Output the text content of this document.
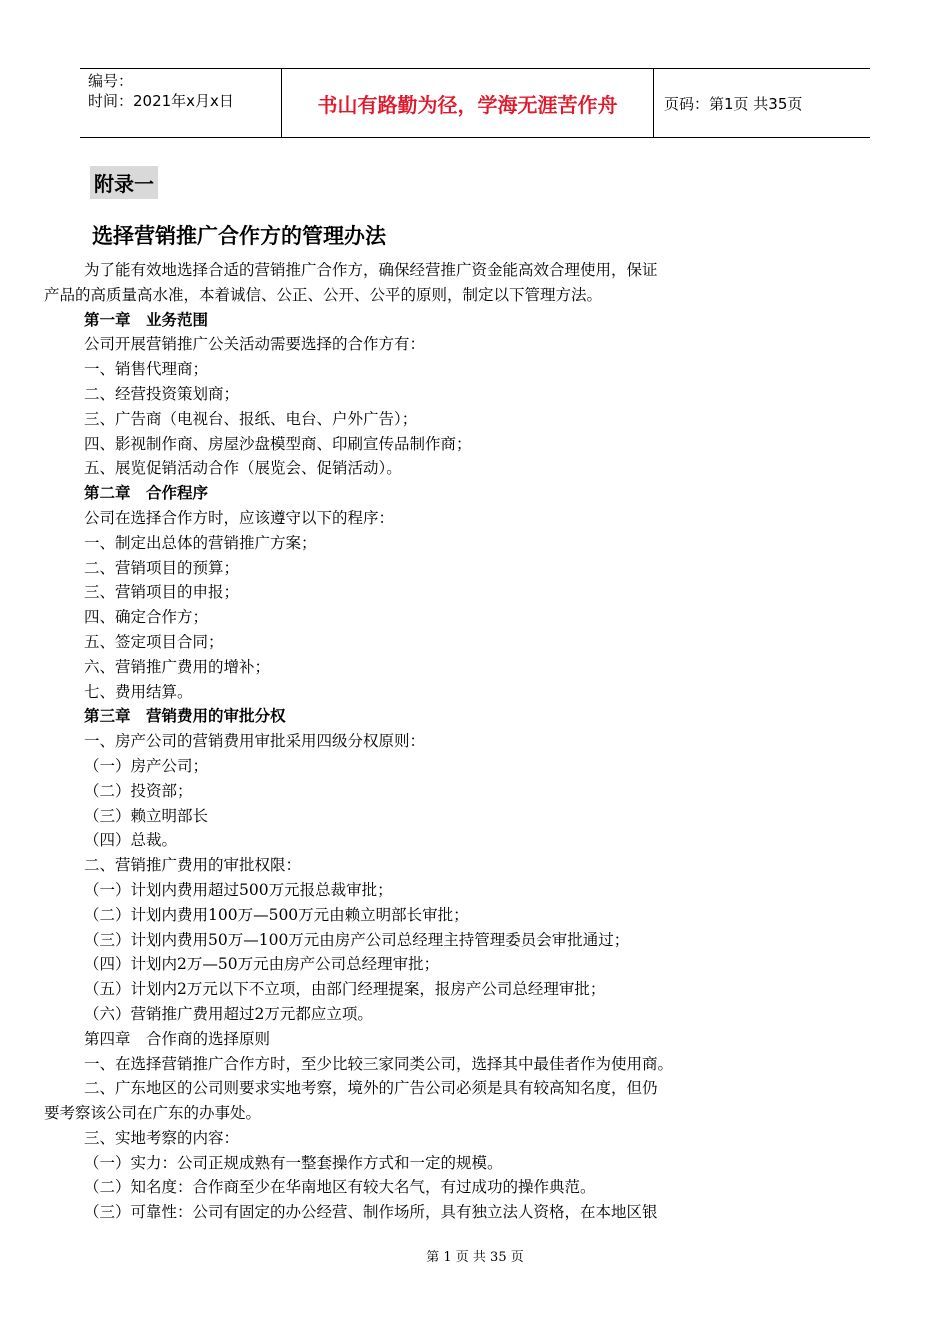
编号：
时间：2021年x月x日	书山有路勤为径，学海无涯苦作舟	页码：第1页 共35页
附录一
选择营销推广合作方的管理办法
为了能有效地选择合适的营销推广合作方，确保经营推广资金能高效合理使用，保证
产品的高质量高水准，本着诚信、公正、公开、公平的原则，制定以下管理方法。
第一章　业务范围
公司开展营销推广公关活动需要选择的合作方有：
一、销售代理商；
二、经营投资策划商；
三、广告商（电视台、报纸、电台、户外广告）；
四、影视制作商、房屋沙盘模型商、印刷宣传品制作商；
五、展览促销活动合作（展览会、促销活动）。
第二章　合作程序
公司在选择合作方时，应该遵守以下的程序：
一、制定出总体的营销推广方案；
二、营销项目的预算；
三、营销项目的申报；
四、确定合作方；
五、签定项目合同；
六、营销推广费用的增补；
七、费用结算。
第三章　营销费用的审批分权
一、房产公司的营销费用审批采用四级分权原则：
（一）房产公司；
（二）投资部；
（三）赖立明部长
（四）总裁。
二、营销推广费用的审批权限：
（一）计划内费用超过500万元报总裁审批；
（二）计划内费用100万—500万元由赖立明部长审批；
（三）计划内费用50万—100万元由房产公司总经理主持管理委员会审批通过；
（四）计划内2万—50万元由房产公司总经理审批；
（五）计划内2万元以下不立项，由部门经理提案，报房产公司总经理审批；
（六）营销推广费用超过2万元都应立项。
第四章　合作商的选择原则
一、在选择营销推广合作方时，至少比较三家同类公司，选择其中最佳者作为使用商。
二、广东地区的公司则要求实地考察，境外的广告公司必须是具有较高知名度，但仍
要考察该公司在广东的办事处。
三、实地考察的内容：
（一）实力：公司正规成熟有一整套操作方式和一定的规模。
（二）知名度：合作商至少在华南地区有较大名气，有过成功的操作典范。
（三）可靠性：公司有固定的办公经营、制作场所，具有独立法人资格，在本地区银
第 1 页 共 35 页
